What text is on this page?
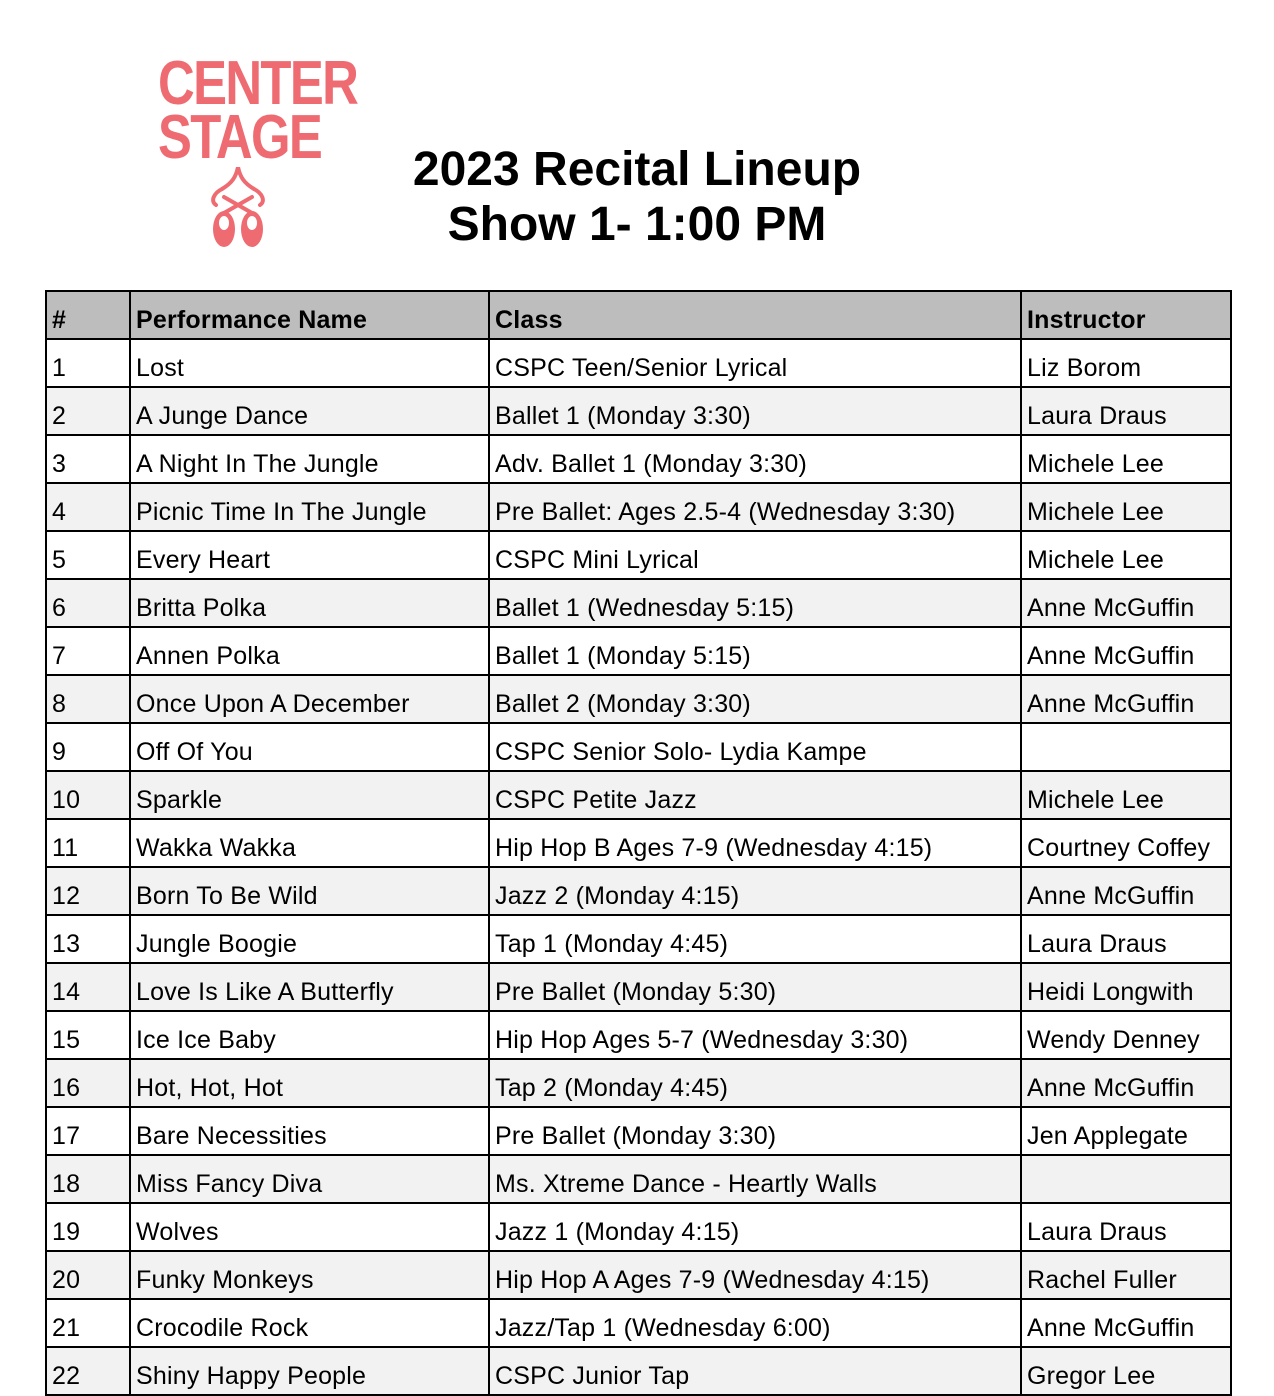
CENTER
STAGE	2023 Recital Lineup
Show 1- 1:00 PM
#	Performance Name	Class	Instructor
1	Lost	CSPC Teen/Senior Lyrical	Liz Borom
2	A Junge Dance	Ballet 1 (Monday 3:30)	Laura Draus
3	A Night In The Jungle	Adv. Ballet 1 (Monday 3:30)	Michele Lee
4	Picnic Time In The Jungle	Pre Ballet: Ages 2.5-4 (Wednesday 3:30)	Michele Lee
5	Every Heart	CSPC Mini Lyrical	Michele Lee
6	Britta Polka	Ballet 1 (Wednesday 5:15)	Anne McGuffin
7	Annen Polka	Ballet 1 (Monday 5:15)	Anne McGuffin
8	Once Upon A December	Ballet 2 (Monday 3:30)	Anne McGuffin
9	Off Of You	CSPC Senior Solo- Lydia Kampe	
10	Sparkle	CSPC Petite Jazz	Michele Lee
11	Wakka Wakka	Hip Hop B Ages 7-9 (Wednesday 4:15)	Courtney Coffey
12	Born To Be Wild	Jazz 2 (Monday 4:15)	Anne McGuffin
13	Jungle Boogie	Tap 1 (Monday 4:45)	Laura Draus
14	Love Is Like A Butterfly	Pre Ballet (Monday 5:30)	Heidi Longwith
15	Ice Ice Baby	Hip Hop Ages 5-7 (Wednesday 3:30)	Wendy Denney
16	Hot, Hot, Hot	Tap 2 (Monday 4:45)	Anne McGuffin
17	Bare Necessities	Pre Ballet (Monday 3:30)	Jen Applegate
18	Miss Fancy Diva	Ms. Xtreme Dance - Heartly Walls	
19	Wolves	Jazz 1 (Monday 4:15)	Laura Draus
20	Funky Monkeys	Hip Hop A Ages 7-9 (Wednesday 4:15)	Rachel Fuller
21	Crocodile Rock	Jazz/Tap 1 (Wednesday 6:00)	Anne McGuffin
22	Shiny Happy People	CSPC Junior Tap	Gregor Lee
